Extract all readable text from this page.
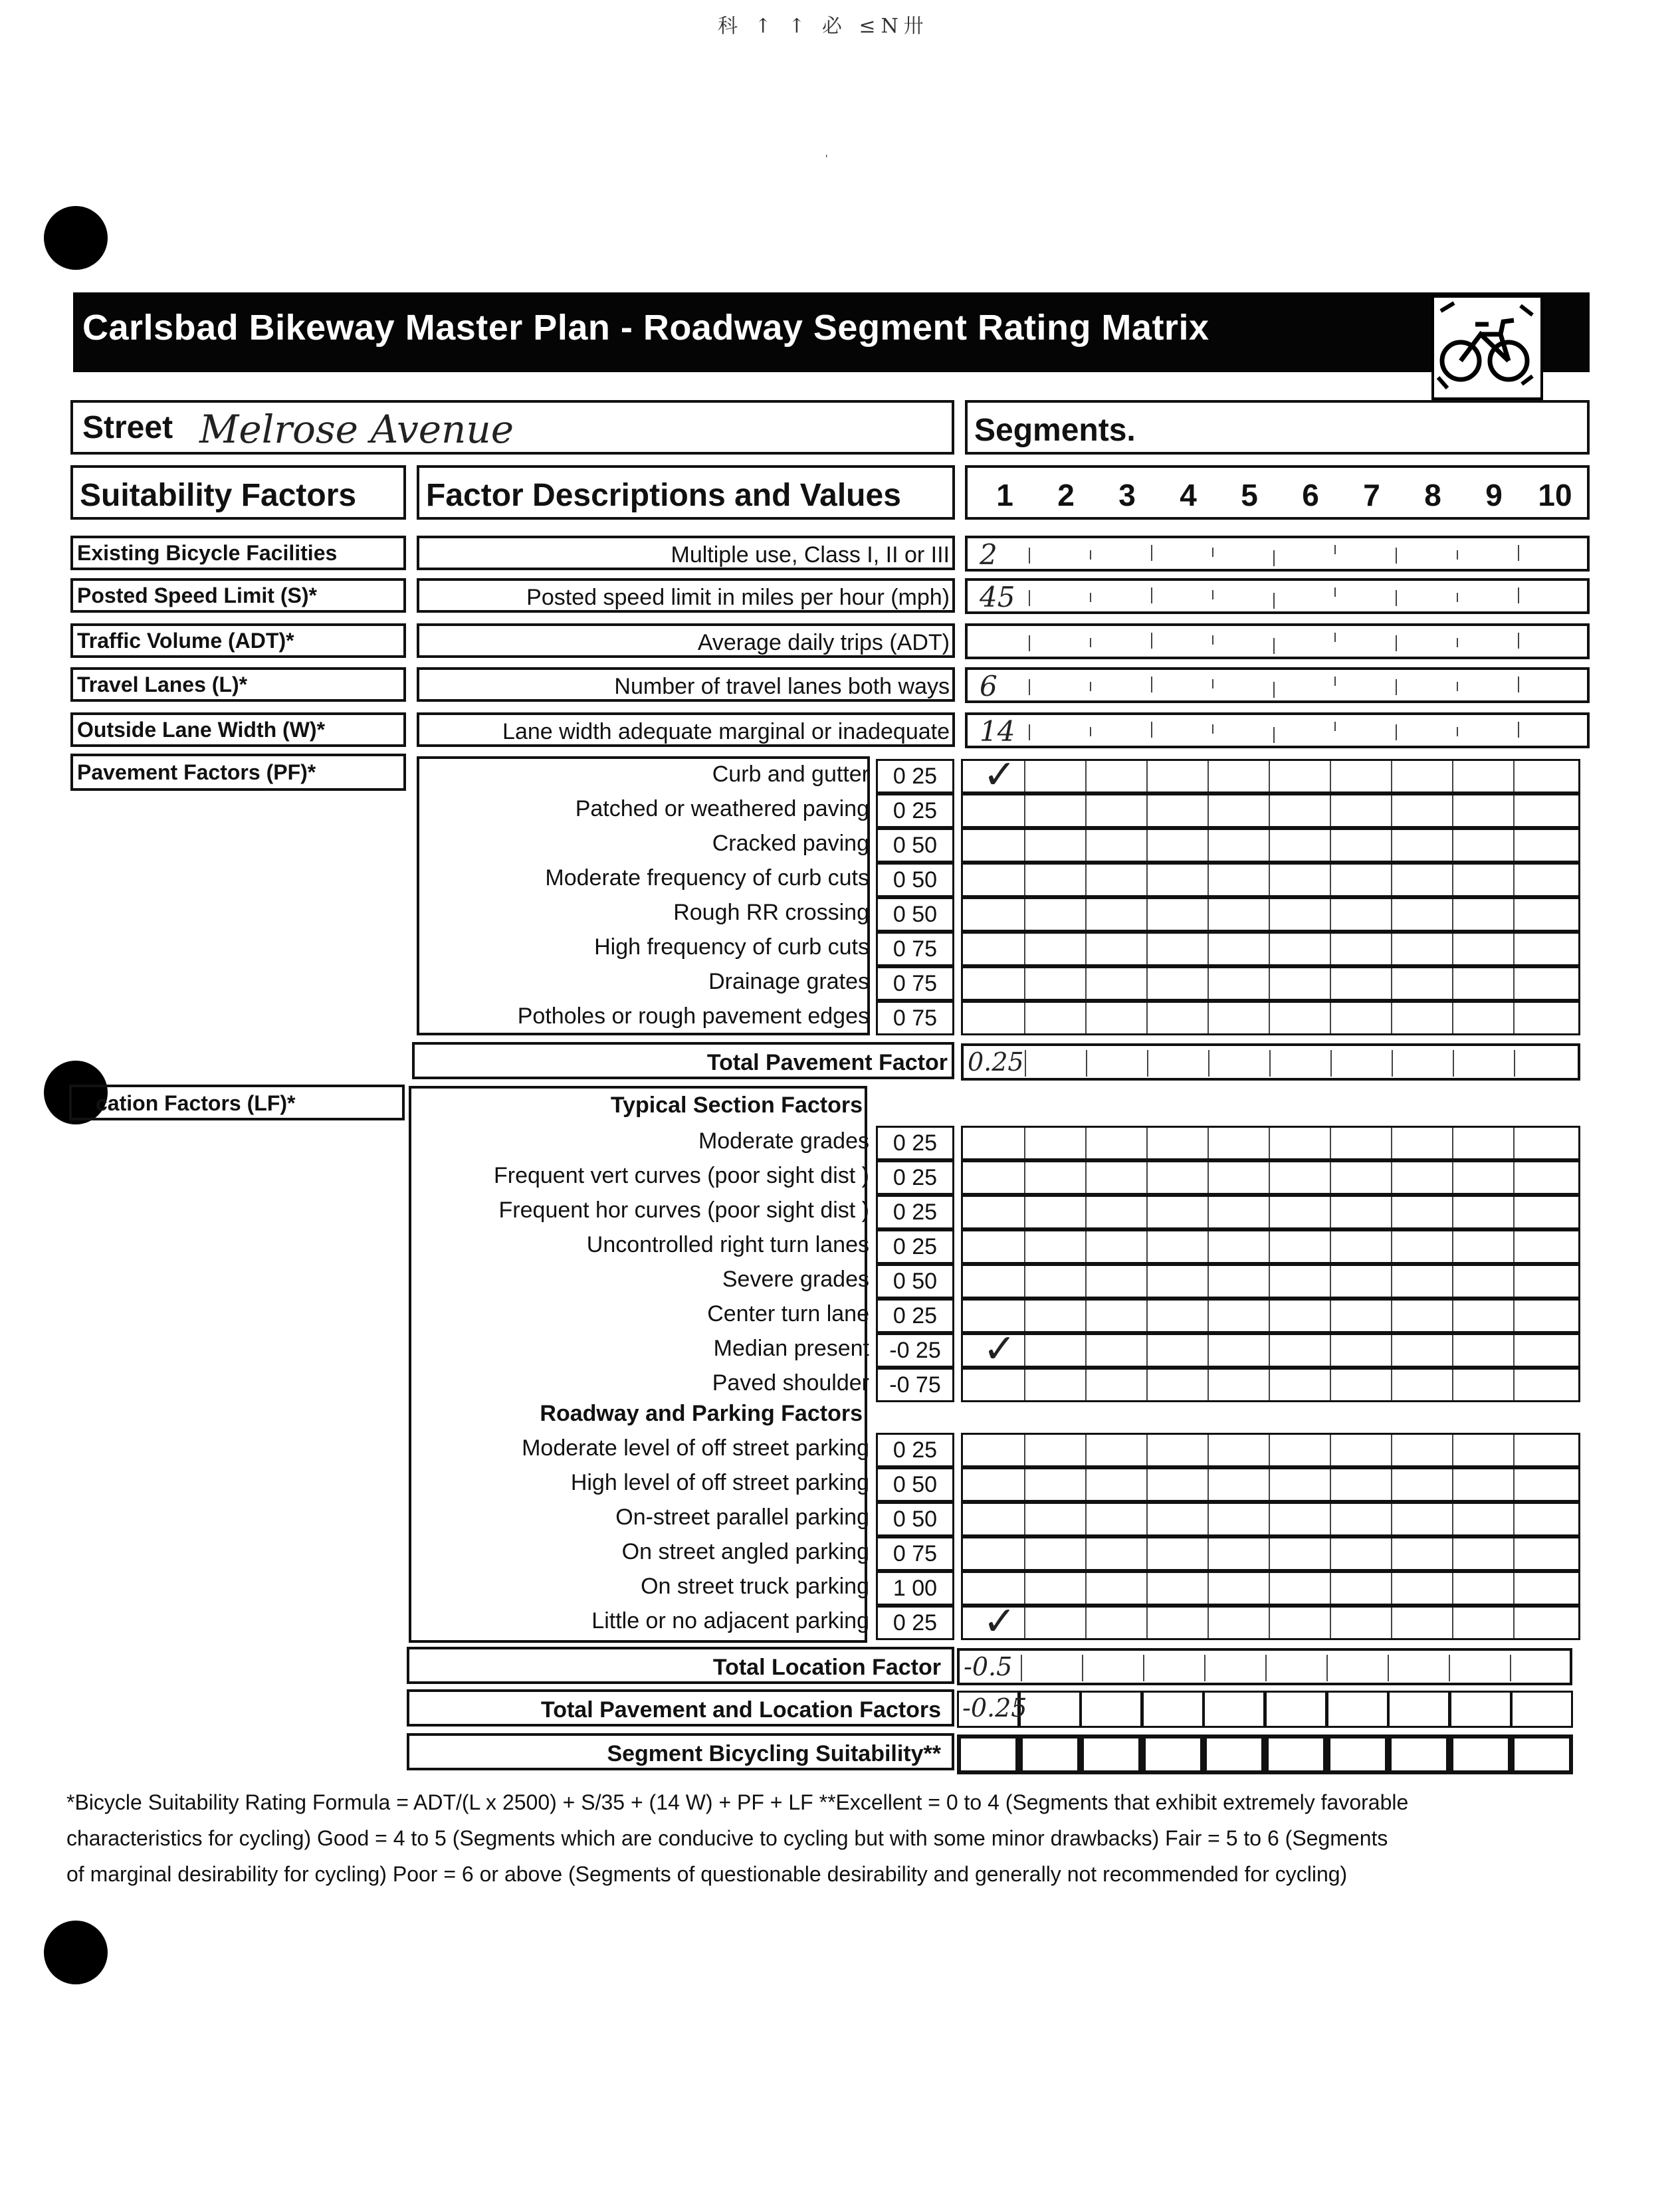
科 ↑ ↑ 必 ≤N卅
ˌ
Carlsbad Bikeway Master Plan - Roadway Segment Rating Matrix
Street Melrose Avenue	Segments.
Suitability Factors Factor Descriptions and Values	1	2	3	4	5	6	7	8	9	10
Existing Bicycle Facilities	Multiple use, Class I, II or III 2
Posted Speed Limit (S)*	Posted speed limit in miles per hour (mph) 45
Traffic Volume (ADT)*	Average daily trips (ADT)
Travel Lanes (L)*	Number of travel lanes both ways 6
Outside Lane Width (W)*	Lane width adequate marginal or inadequate 14
Pavement Factors (PF)*	Curb and gutter	0 25	✓
Patched or weathered paving	0 25
Cracked paving	0 50
Moderate frequency of curb cuts	0 50
Rough RR crossing	0 50
High frequency of curb cuts	0 75
Drainage grates	0 75
Potholes or rough pavement edges	0 75
Total Pavement Factor 0.25
cation Factors (LF)*	Typical Section Factors
Roadway and Parking Factors
Moderate grades	0 25
Frequent vert curves (poor sight dist )	0 25
Frequent hor curves (poor sight dist )	0 25
Uncontrolled right turn lanes	0 25
Severe grades	0 50
Center turn lane	0 25
Median present -0 25 ✓
Paved shoulder -0 75
Moderate level of off street parking	0 25
High level of off street parking	0 50
On-street parallel parking	0 50
On street angled parking	0 75
On street truck parking	1 00
Little or no adjacent parking	0 25	✓
Total Location Factor -0.5
Total Pavement and Location Factors -0.25
Segment Bicycling Suitability**
*Bicycle Suitability Rating Formula = ADT/(L x 2500) + S/35 + (14 W) + PF + LF **Excellent = 0 to 4 (Segments that exhibit extremely favorable
characteristics for cycling) Good = 4 to 5 (Segments which are conducive to cycling but with some minor drawbacks) Fair = 5 to 6 (Segments
of marginal desirability for cycling) Poor = 6 or above (Segments of questionable desirability and generally not recommended for cycling)
